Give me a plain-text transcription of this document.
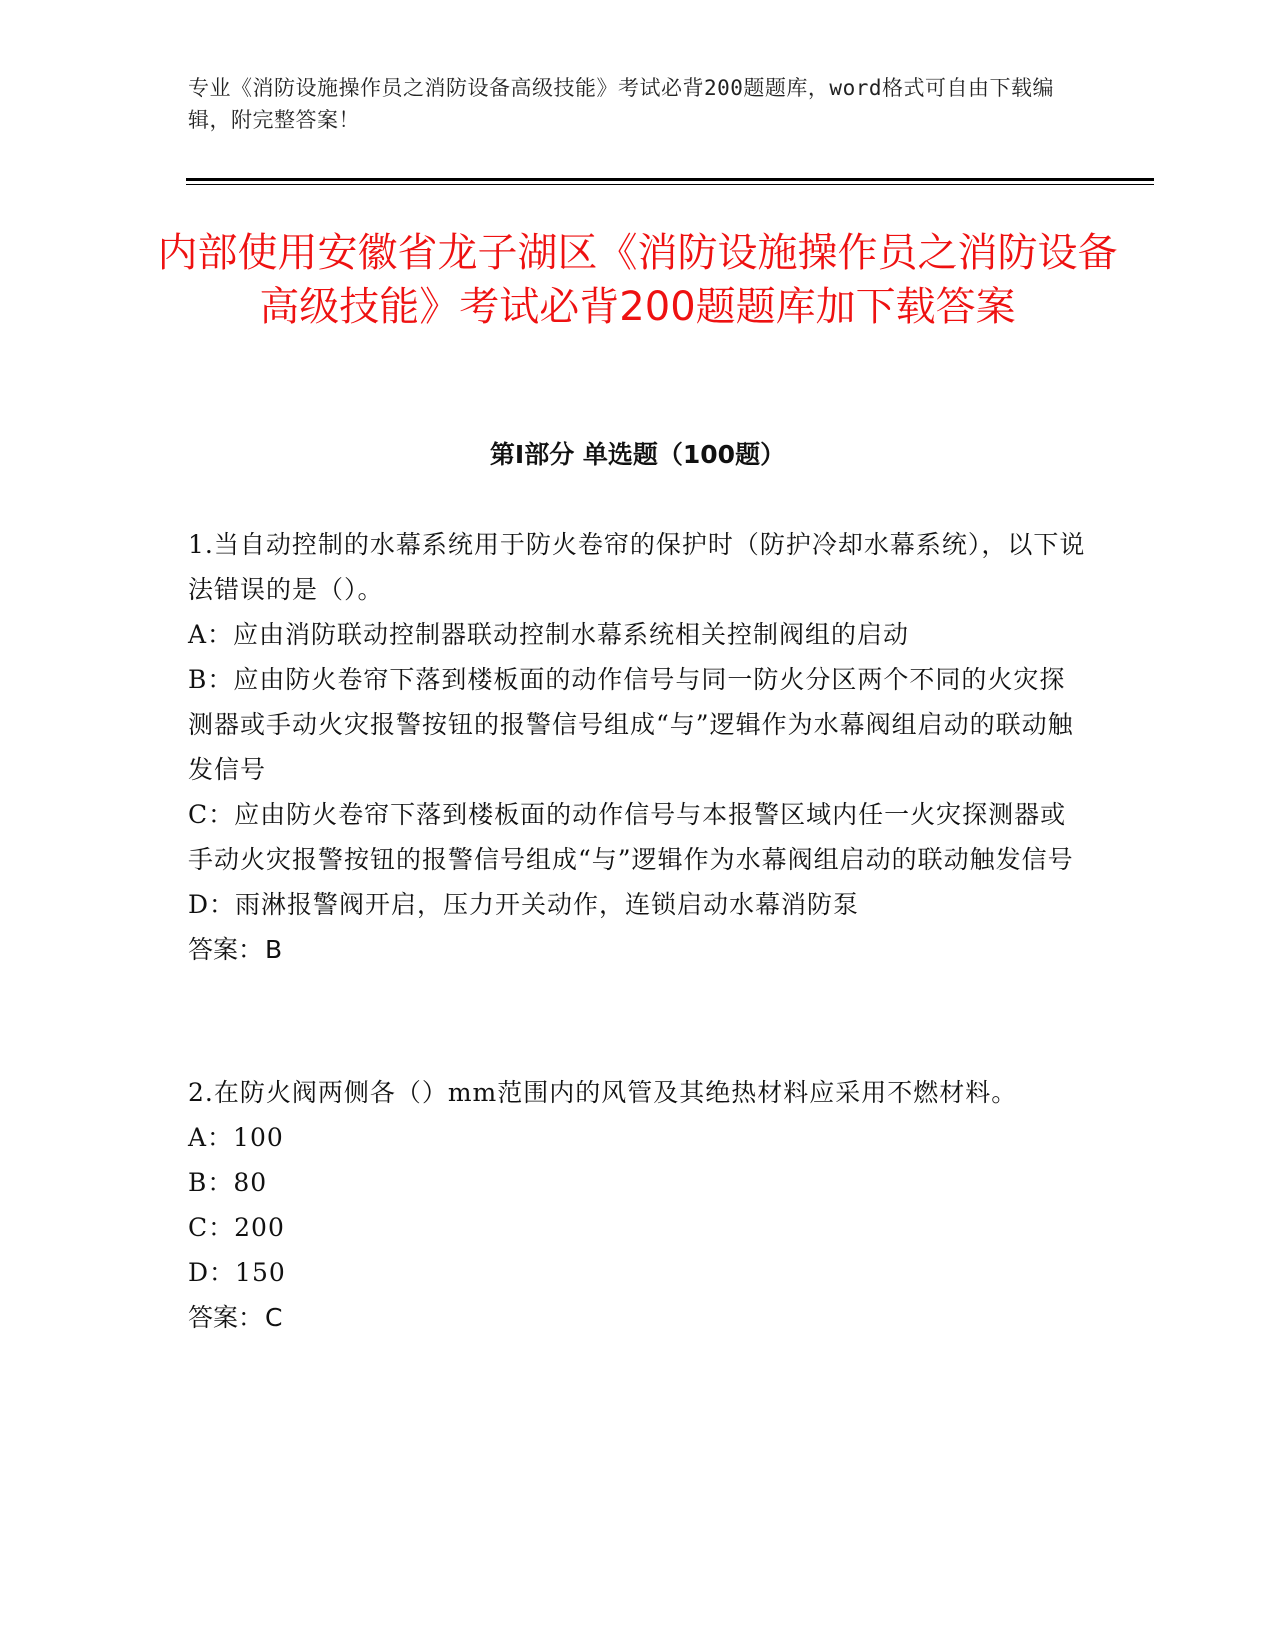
专业《消防设施操作员之消防设备高级技能》考试必背200题题库，word格式可自由下载编辑，附完整答案！
内部使用安徽省龙子湖区《消防设施操作员之消防设备高级技能》考试必背200题题库加下载答案
第I部分 单选题（100题）

1.当自动控制的水幕系统用于防火卷帘的保护时（防护冷却水幕系统），以下说法错误的是（）。

A：应由消防联动控制器联动控制水幕系统相关控制阀组的启动

B：应由防火卷帘下落到楼板面的动作信号与同一防火分区两个不同的火灾探测器或手动火灾报警按钮的报警信号组成“与”逻辑作为水幕阀组启动的联动触发信号

C：应由防火卷帘下落到楼板面的动作信号与本报警区域内任一火灾探测器或手动火灾报警按钮的报警信号组成“与”逻辑作为水幕阀组启动的联动触发信号

D：雨淋报警阀开启，压力开关动作，连锁启动水幕消防泵

答案：B

2.在防火阀两侧各（）mm范围内的风管及其绝热材料应采用不燃材料。

A：100

B：80

C：200

D：150

答案：C
